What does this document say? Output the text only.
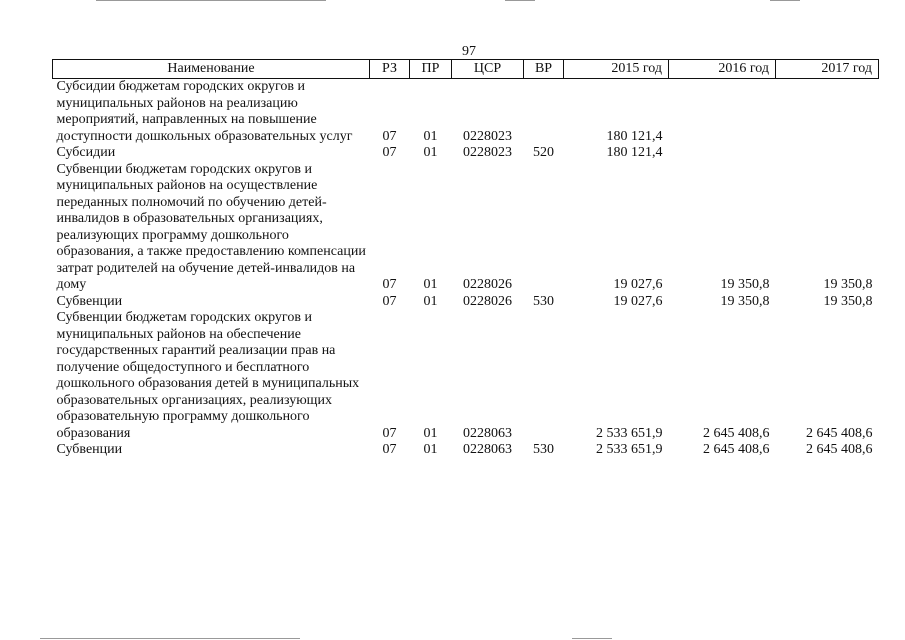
97
Наименование	РЗ	ПР	ЦСР	ВР	2015 год	2016 год	2017 год
Субсидии бюджетам городских округов и муниципальных районов на реализацию мероприятий, направленных на повышение доступности дошкольных образовательных услуг	07	01	0228023		180 121,4		
Субсидии	07	01	0228023	520	180 121,4		
Субвенции бюджетам городских округов и муниципальных районов на осуществление переданных полномочий по обучению детей-инвалидов в образовательных организациях, реализующих программу дошкольного образования, а также предоставлению компенсации затрат родителей на обучение детей-инвалидов на дому	07	01	0228026		19 027,6	19 350,8	19 350,8
Субвенции	07	01	0228026	530	19 027,6	19 350,8	19 350,8
Субвенции бюджетам городских округов и муниципальных районов на обеспечение государственных гарантий реализации прав на получение общедоступного и бесплатного дошкольного образования детей в муниципальных образовательных организациях, реализующих образовательную программу дошкольного образования	07	01	0228063		2 533 651,9	2 645 408,6	2 645 408,6
Субвенции	07	01	0228063	530	2 533 651,9	2 645 408,6	2 645 408,6
